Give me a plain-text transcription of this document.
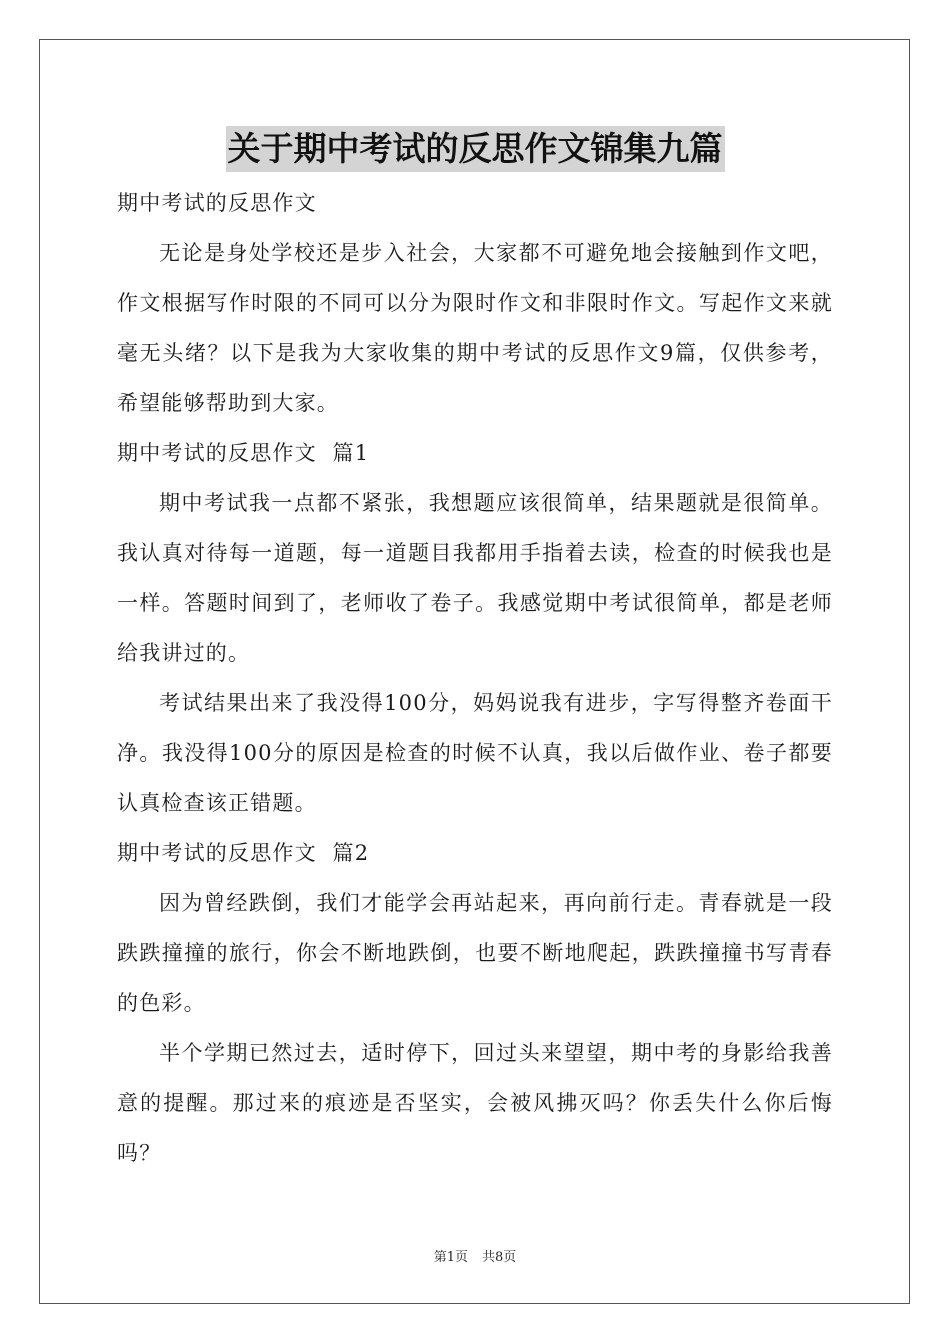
关于期中考试的反思作文锦集九篇

期中考试的反思作文

无论是身处学校还是步入社会，大家都不可避免地会接触到作文吧，作文根据写作时限的不同可以分为限时作文和非限时作文。写起作文来就毫无头绪？以下是我为大家收集的期中考试的反思作文9篇，仅供参考，希望能够帮助到大家。

期中考试的反思作文  篇1

期中考试我一点都不紧张，我想题应该很简单，结果题就是很简单。我认真对待每一道题，每一道题目我都用手指着去读，检查的时候我也是一样。答题时间到了，老师收了卷子。我感觉期中考试很简单，都是老师给我讲过的。

考试结果出来了我没得100分，妈妈说我有进步，字写得整齐卷面干净。我没得100分的原因是检查的时候不认真，我以后做作业、卷子都要认真检查该正错题。

期中考试的反思作文  篇2

因为曾经跌倒，我们才能学会再站起来，再向前行走。青春就是一段跌跌撞撞的旅行，你会不断地跌倒，也要不断地爬起，跌跌撞撞书写青春的色彩。

半个学期已然过去，适时停下，回过头来望望，期中考的身影给我善意的提醒。那过来的痕迹是否坚实，会被风拂灭吗？你丢失什么你后悔吗？

第1页 共8页
